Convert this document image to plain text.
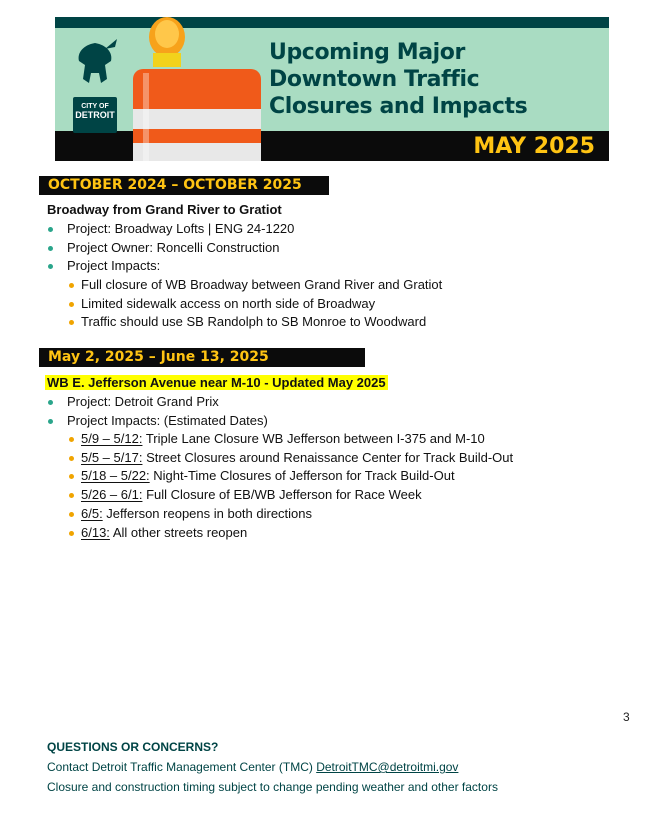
CITY OF
DETROIT
Upcoming Major
Downtown Traffic
Closures and Impacts
MAY 2025
OCTOBER 2024 – OCTOBER 2025
Broadway from Grand River to Gratiot
Project: Broadway Lofts | ENG 24-1220
Project Owner: Roncelli Construction
Project Impacts:
Full closure of WB Broadway between Grand River and Gratiot
Limited sidewalk access on north side of Broadway
Traffic should use SB Randolph to SB Monroe to Woodward
May 2, 2025 – June 13, 2025
WB E. Jefferson Avenue near M-10 - Updated May 2025
Project: Detroit Grand Prix
Project Impacts: (Estimated Dates)
5/9 – 5/12: Triple Lane Closure WB Jefferson between I-375 and M-10
5/5 – 5/17: Street Closures around Renaissance Center for Track Build-Out
5/18 – 5/22: Night-Time Closures of Jefferson for Track Build-Out
5/26 – 6/1: Full Closure of EB/WB Jefferson for Race Week
6/5: Jefferson reopens in both directions
6/13: All other streets reopen
3
QUESTIONS OR CONCERNS?
Contact Detroit Traffic Management Center (TMC) DetroitTMC@detroitmi.gov
Closure and construction timing subject to change pending weather and other factors
